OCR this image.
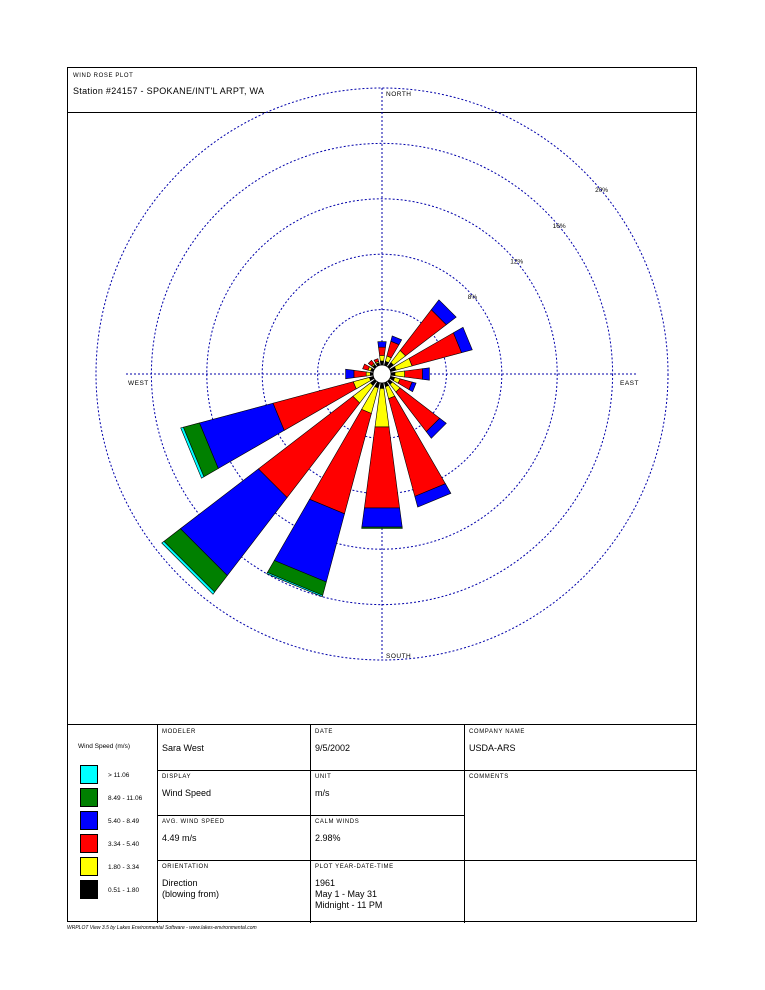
WIND ROSE PLOT
Station #24157 - SPOKANE/INT'L ARPT, WA
8%
12%
16%
20%
NORTH
SOUTH
EAST
WEST
Wind Speed (m/s)
> 11.06
8.49 - 11.06
5.40 - 8.49
3.34 - 5.40
1.80 - 3.34
0.51 - 1.80
MODELER
Sara West
DATE
9/5/2002
COMPANY NAME
USDA-ARS
DISPLAY
Wind Speed
UNIT
m/s
COMMENTS
AVG. WIND SPEED
4.49 m/s
CALM WINDS
2.98%
ORIENTATION
Direction
(blowing from)
PLOT YEAR-DATE-TIME
1961
May 1 - May 31
Midnight - 11 PM
WRPLOT View 3.5 by Lakes Environmental Software - www.lakes-environmental.com
